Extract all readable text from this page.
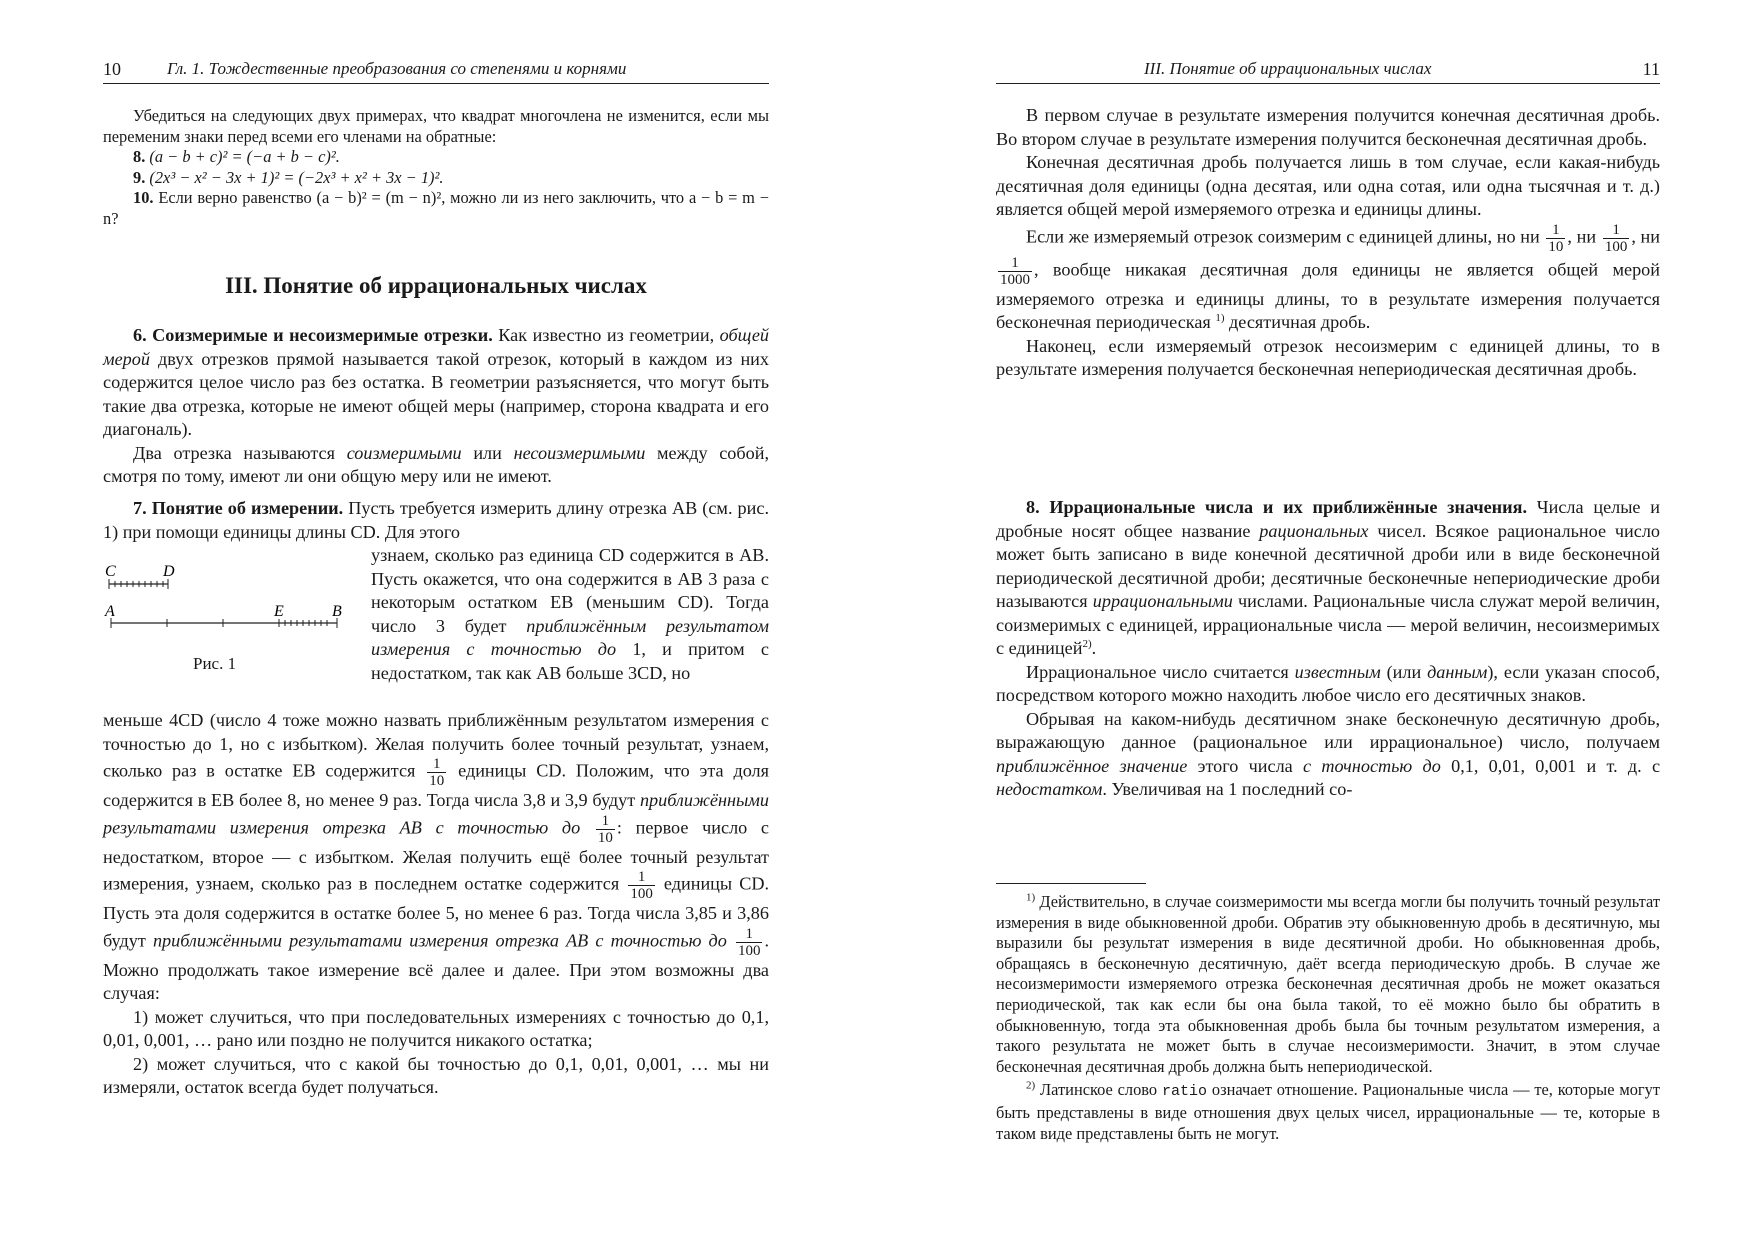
10	Гл. 1. Тождественные преобразования со степенями и корнями

Убедиться на следующих двух примерах, что квадрат многочлена не изменится, если мы переменим знаки перед всеми его членами на обратные:

8. (a − b + c)² = (−a + b − c)².

9. (2x³ − x² − 3x + 1)² = (−2x³ + x² + 3x − 1)².

10. Если верно равенство (a − b)² = (m − n)², можно ли из него заключить, что a − b = m − n?

III. Понятие об иррациональных числах

6. Соизмеримые и несоизмеримые отрезки. Как известно из геометрии, общей мерой двух отрезков прямой называется такой отрезок, который в каждом из них содержится целое число раз без остатка. В геометрии разъясняется, что могут быть такие два отрезка, которые не имеют общей меры (например, сторона квадрата и его диагональ).

Два отрезка называются соизмеримыми или несоизмеримыми между собой, смотря по тому, имеют ли они общую меру или не имеют.

7. Понятие об измерении. Пусть требуется измерить длину отрезка AB (см. рис. 1) при помощи единицы длины CD. Для этого

C	D
A	E	B
Рис. 1

узнаем, сколько раз единица CD содержится в AB. Пусть окажется, что она содержится в AB 3 раза с некоторым остатком EB (меньшим CD). Тогда число 3 будет приближённым результатом измерения с точностью до 1, и притом с недостатком, так как AB больше 3CD, но

меньше 4CD (число 4 тоже можно назвать приближённым результатом измерения с точностью до 1, но с избытком). Желая получить более точный результат, узнаем, сколько раз в остатке EB содержится $\frac{1}{10}$ единицы CD. Положим, что эта доля содержится в EB более 8, но менее 9 раз. Тогда числа 3,8 и 3,9 будут приближёнными результатами измерения отрезка AB с точностью до $\frac{1}{10}$ : первое число с недостатком, второе — с избытком. Желая получить ещё более точный результат измерения, узнаем, сколько раз в последнем остатке содержится $\frac{1}{100}$ единицы CD. Пусть эта доля содержится в остатке более 5, но менее 6 раз. Тогда числа 3,85 и 3,86 будут приближёнными результатами измерения отрезка AB с точностью до $\frac{1}{100}$ . Можно продолжать такое измерение всё далее и далее. При этом возможны два случая:

1) может случиться, что при последовательных измерениях с точностью до 0,1, 0,01, 0,001, … рано или поздно не получится никакого остатка;

2) может случиться, что с какой бы точностью до 0,1, 0,01, 0,001, … мы ни измеряли, остаток всегда будет получаться.

III. Понятие об иррациональных числах	11

В первом случае в результате измерения получится конечная десятичная дробь. Во втором случае в результате измерения получится бесконечная десятичная дробь.

Конечная десятичная дробь получается лишь в том случае, если какая-нибудь десятичная доля единицы (одна десятая, или одна сотая, или одна тысячная и т. д.) является общей мерой измеряемого отрезка и единицы длины.

Если же измеряемый отрезок соизмерим с единицей длины, но ни $\frac{1}{10}$ , ни $\frac{1}{100}$ , ни
$\frac{1}{1000}$ , вообще никакая десятичная доля единицы не является общей мерой измеряемого отрезка и единицы длины, то в результате измерения получается бесконечная периодическая $^{1)}$ десятичная дробь.

Наконец, если измеряемый отрезок несоизмерим с единицей длины, то в результате измерения получается бесконечная непериодическая десятичная дробь.

8. Иррациональные числа и их приближённые значения. Числа целые и дробные носят общее название рациональных чисел. Всякое рациональное число может быть записано в виде конечной десятичной дроби или в виде бесконечной периодической десятичной дроби; десятичные бесконечные непериодические дроби называются иррациональными числами. Рациональные числа служат мерой величин, соизмеримых с единицей, иррациональные числа — мерой величин, несоизмеримых с единицей$^{2)}$.

Иррациональное число считается известным (или данным), если указан способ, посредством которого можно находить любое число его десятичных знаков.

Обрывая на каком-нибудь десятичном знаке бесконечную десятичную дробь, выражающую данное (рациональное или иррациональное) число, получаем приближённое значение этого числа с точностью до 0,1, 0,01, 0,001 и т. д. с недостатком. Увеличивая на 1 последний со-

$^{1)}$ Действительно, в случае соизмеримости мы всегда могли бы получить точный результат измерения в виде обыкновенной дроби. Обратив эту обыкновенную дробь в десятичную, мы выразили бы результат измерения в виде десятичной дроби. Но обыкновенная дробь, обращаясь в бесконечную десятичную, даёт всегда периодическую дробь. В случае же несоизмеримости измеряемого отрезка бесконечная десятичная дробь не может оказаться периодической, так как если бы она была такой, то её можно было бы обратить в обыкновенную, тогда эта обыкновенная дробь была бы точным результатом измерения, а такого результата не может быть в случае несоизмеримости. Значит, в этом случае бесконечная десятичная дробь должна быть непериодической.

$^{2)}$ Латинское слово ratio означает отношение. Рациональные числа — те, которые могут быть представлены в виде отношения двух целых чисел, иррациональные — те, которые в таком виде представлены быть не могут.
